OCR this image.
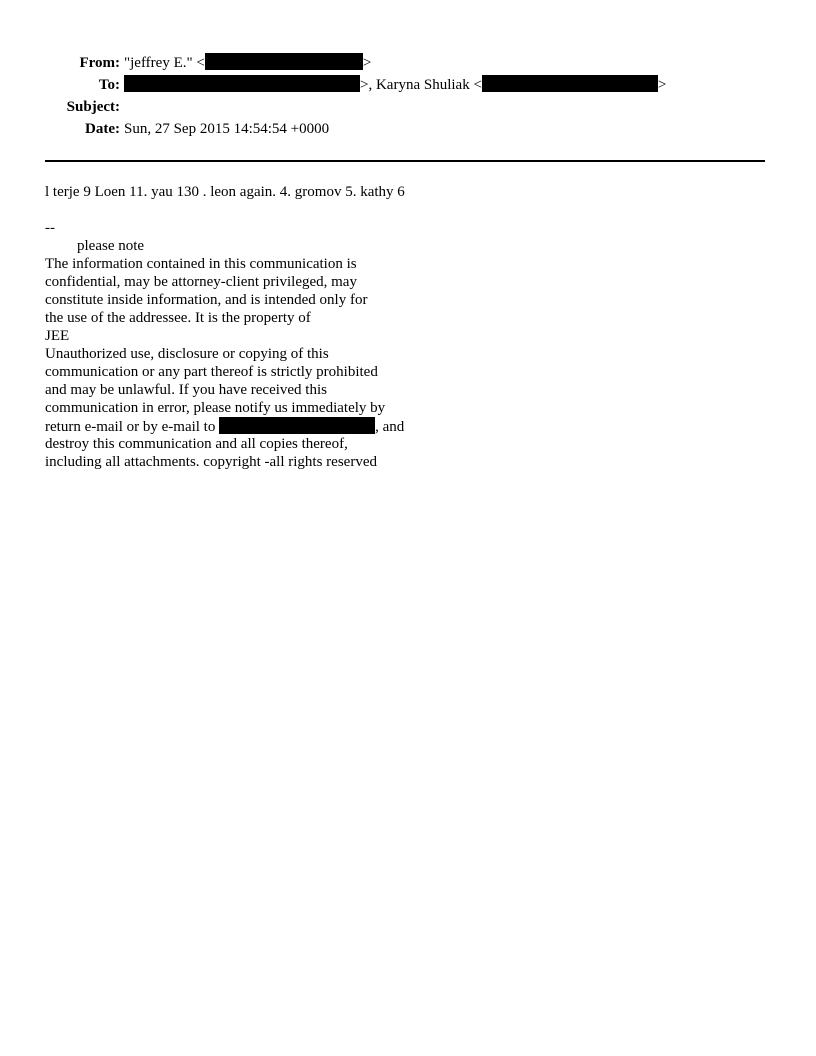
From: "jeffrey E." <	>
To:	>, Karyna Shuliak <	>
Subject:
Date: Sun, 27 Sep 2015 14:54:54 +0000
l terje 9 Loen 11. yau 130 . leon again. 4. gromov 5. kathy 6
--
please note
The information contained in this communication is
confidential, may be attorney-client privileged, may
constitute inside information, and is intended only for
the use of the addressee. It is the property of
JEE
Unauthorized use, disclosure or copying of this
communication or any part thereof is strictly prohibited
and may be unlawful. If you have received this
communication in error, please notify us immediately by
return e-mail or by e-mail to	, and
destroy this communication and all copies thereof,
including all attachments. copyright -all rights reserved
